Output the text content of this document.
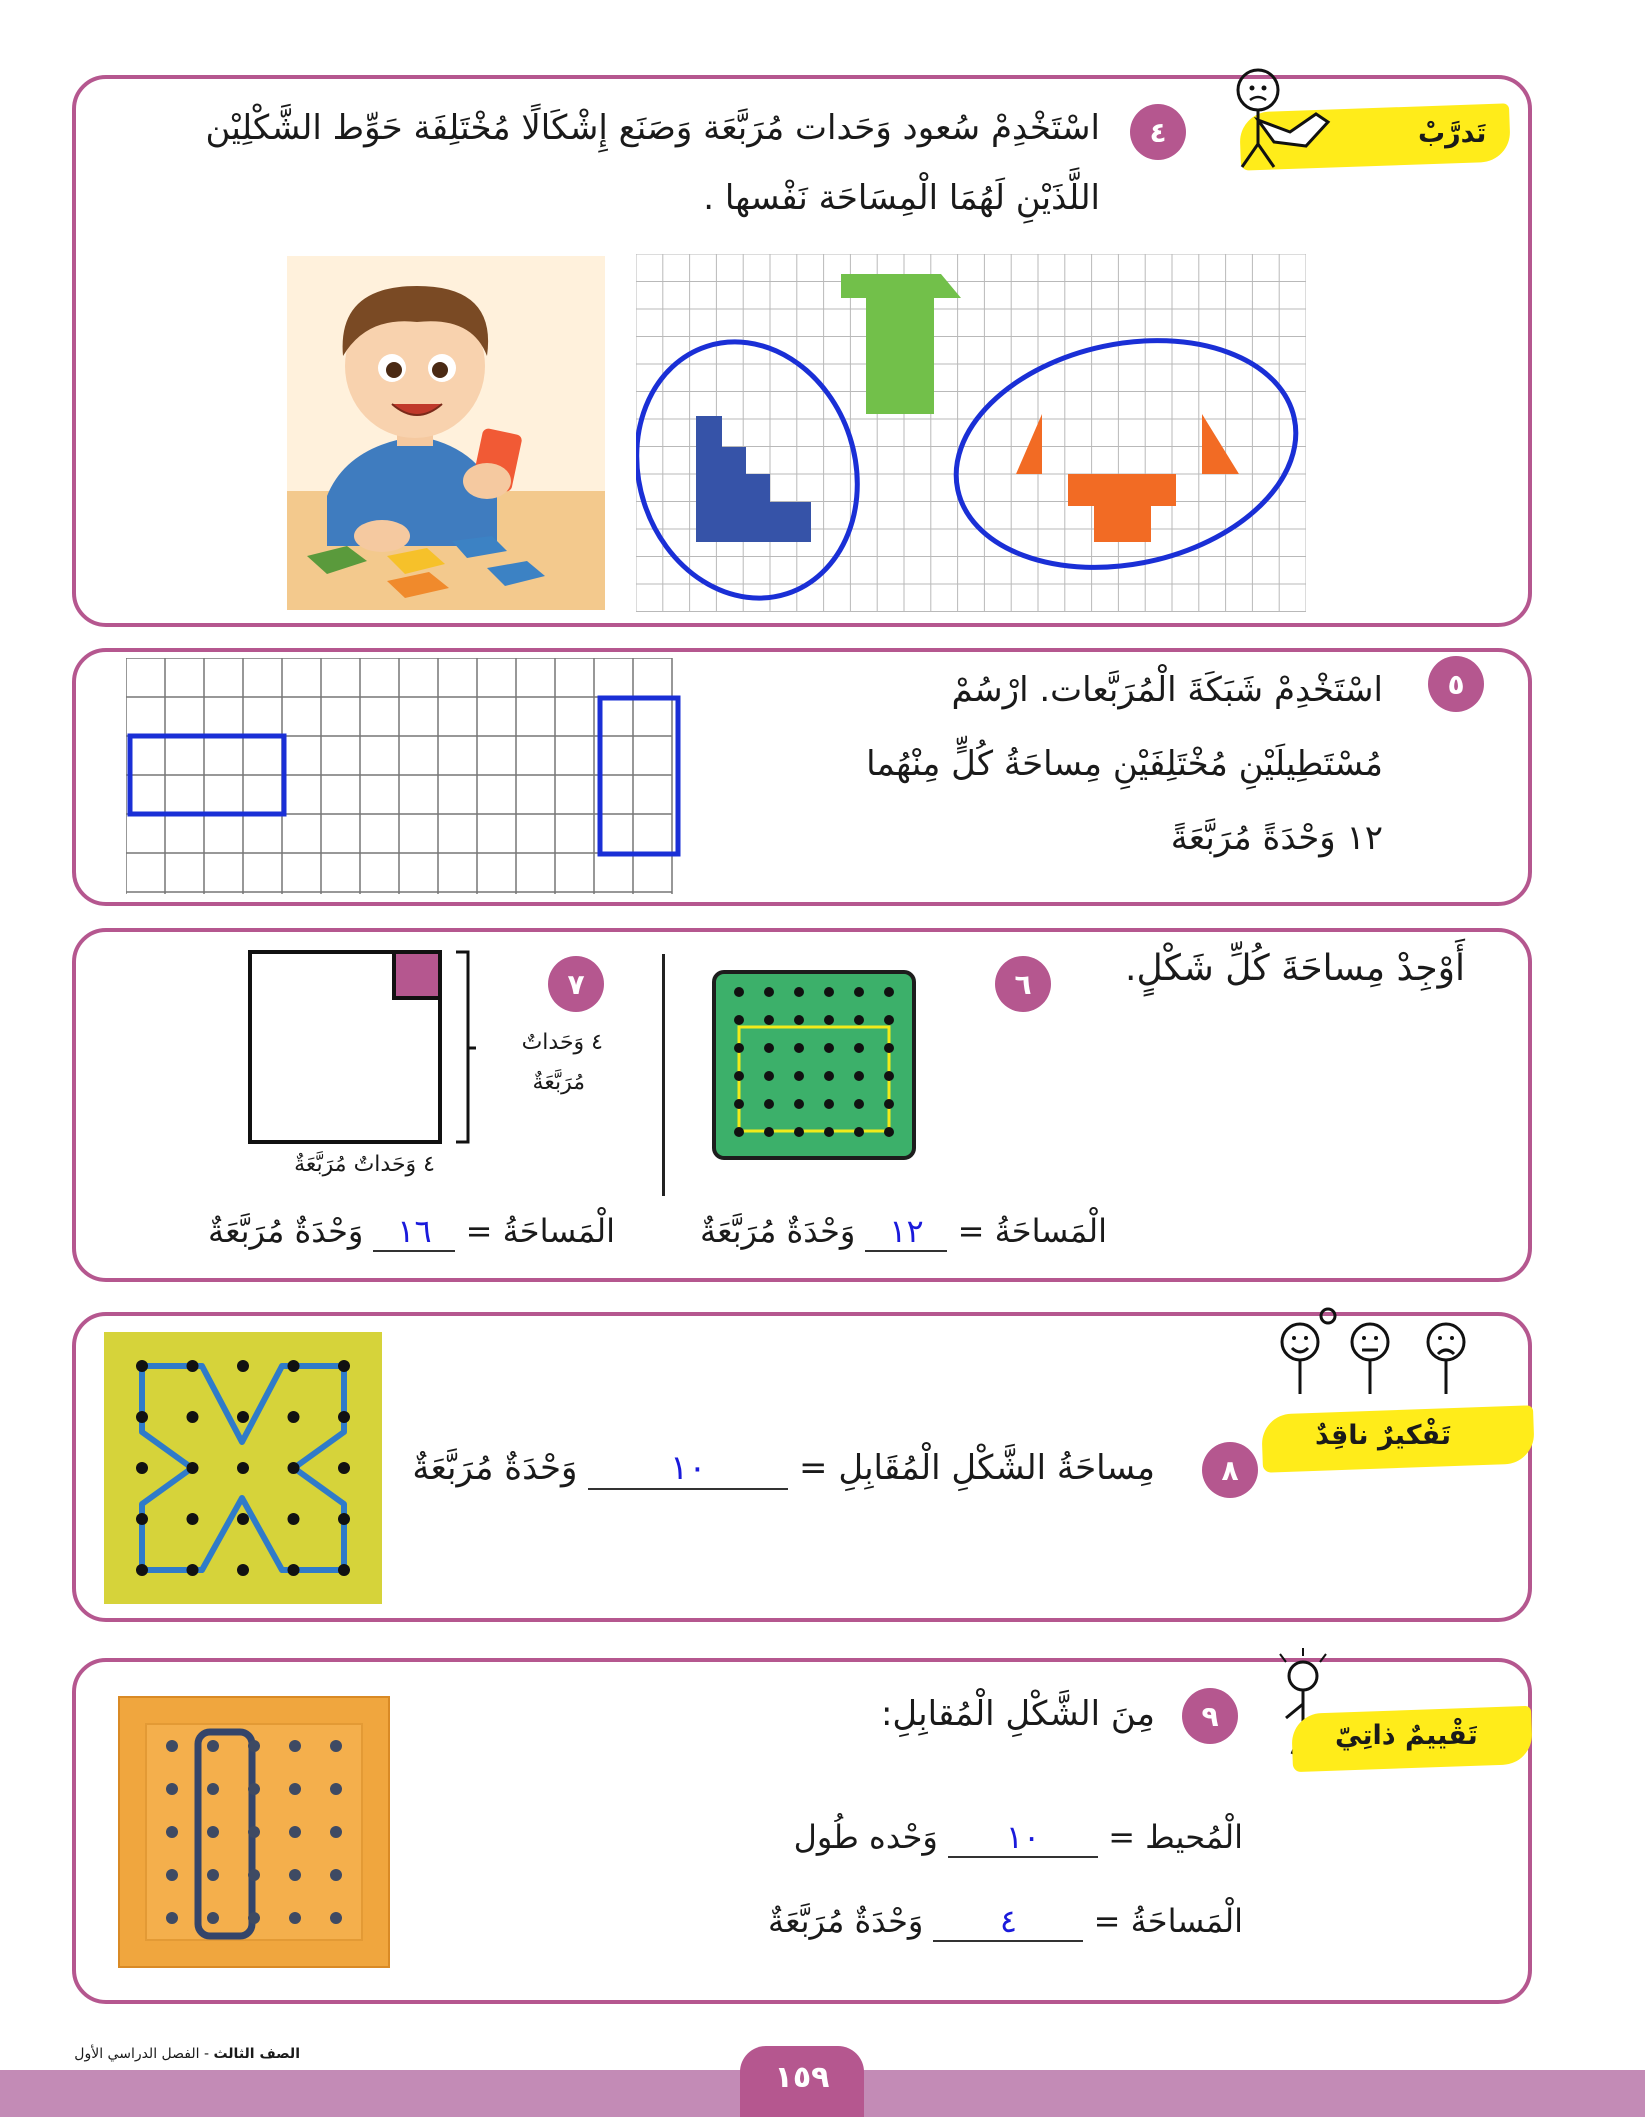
تَدرَّبْ
٤
اسْتَخْدِمْ سُعود وَحَدات مُرَبَّعَة وَصَنَع إِشْكَالًا مُخْتَلِفَة حَوِّط الشَّكْلِيْن
اللَّذَيْنِ لَهُمَا الْمِسَاحَة نَفْسها .
٥
اسْتَخْدِمْ شَبَكَةَ الْمُرَبَّعات. ارْسُمْ
مُسْتَطِيلَيْنِ مُخْتَلِفَيْنِ مِساحَةُ كُلٍّ مِنْهُما
١٢ وَحْدَةً مُرَبَّعَةً
أَوْجِدْ مِساحَةَ كُلِّ شَكْلٍ.
٦
٧
٤ وَحَداتٌ
مُرَبَّعَةٌ
٤ وَحَداتٌ مُرَبَّعَةٌ
الْمَساحَةُ = ١٢ وَحْدَةٌ مُرَبَّعَةٌ
الْمَساحَةُ = ١٦ وَحْدَةٌ مُرَبَّعَةٌ
تَفْكيرٌ ناقِدٌ
٨
مِساحَةُ الشَّكْلِ الْمُقَابِلِ = ١٠ وَحْدَةٌ مُرَبَّعَةٌ
تَقْييمٌ ذاتِيّ
٩
مِنَ الشَّكْلِ الْمُقابِلِ:
الْمُحيط = ١٠ وَحْده طُول
الْمَساحَةُ = ٤ وَحْدَةٌ مُرَبَّعَةٌ
١٥٩
الصف الثالث - الفصل الدراسي الأول
